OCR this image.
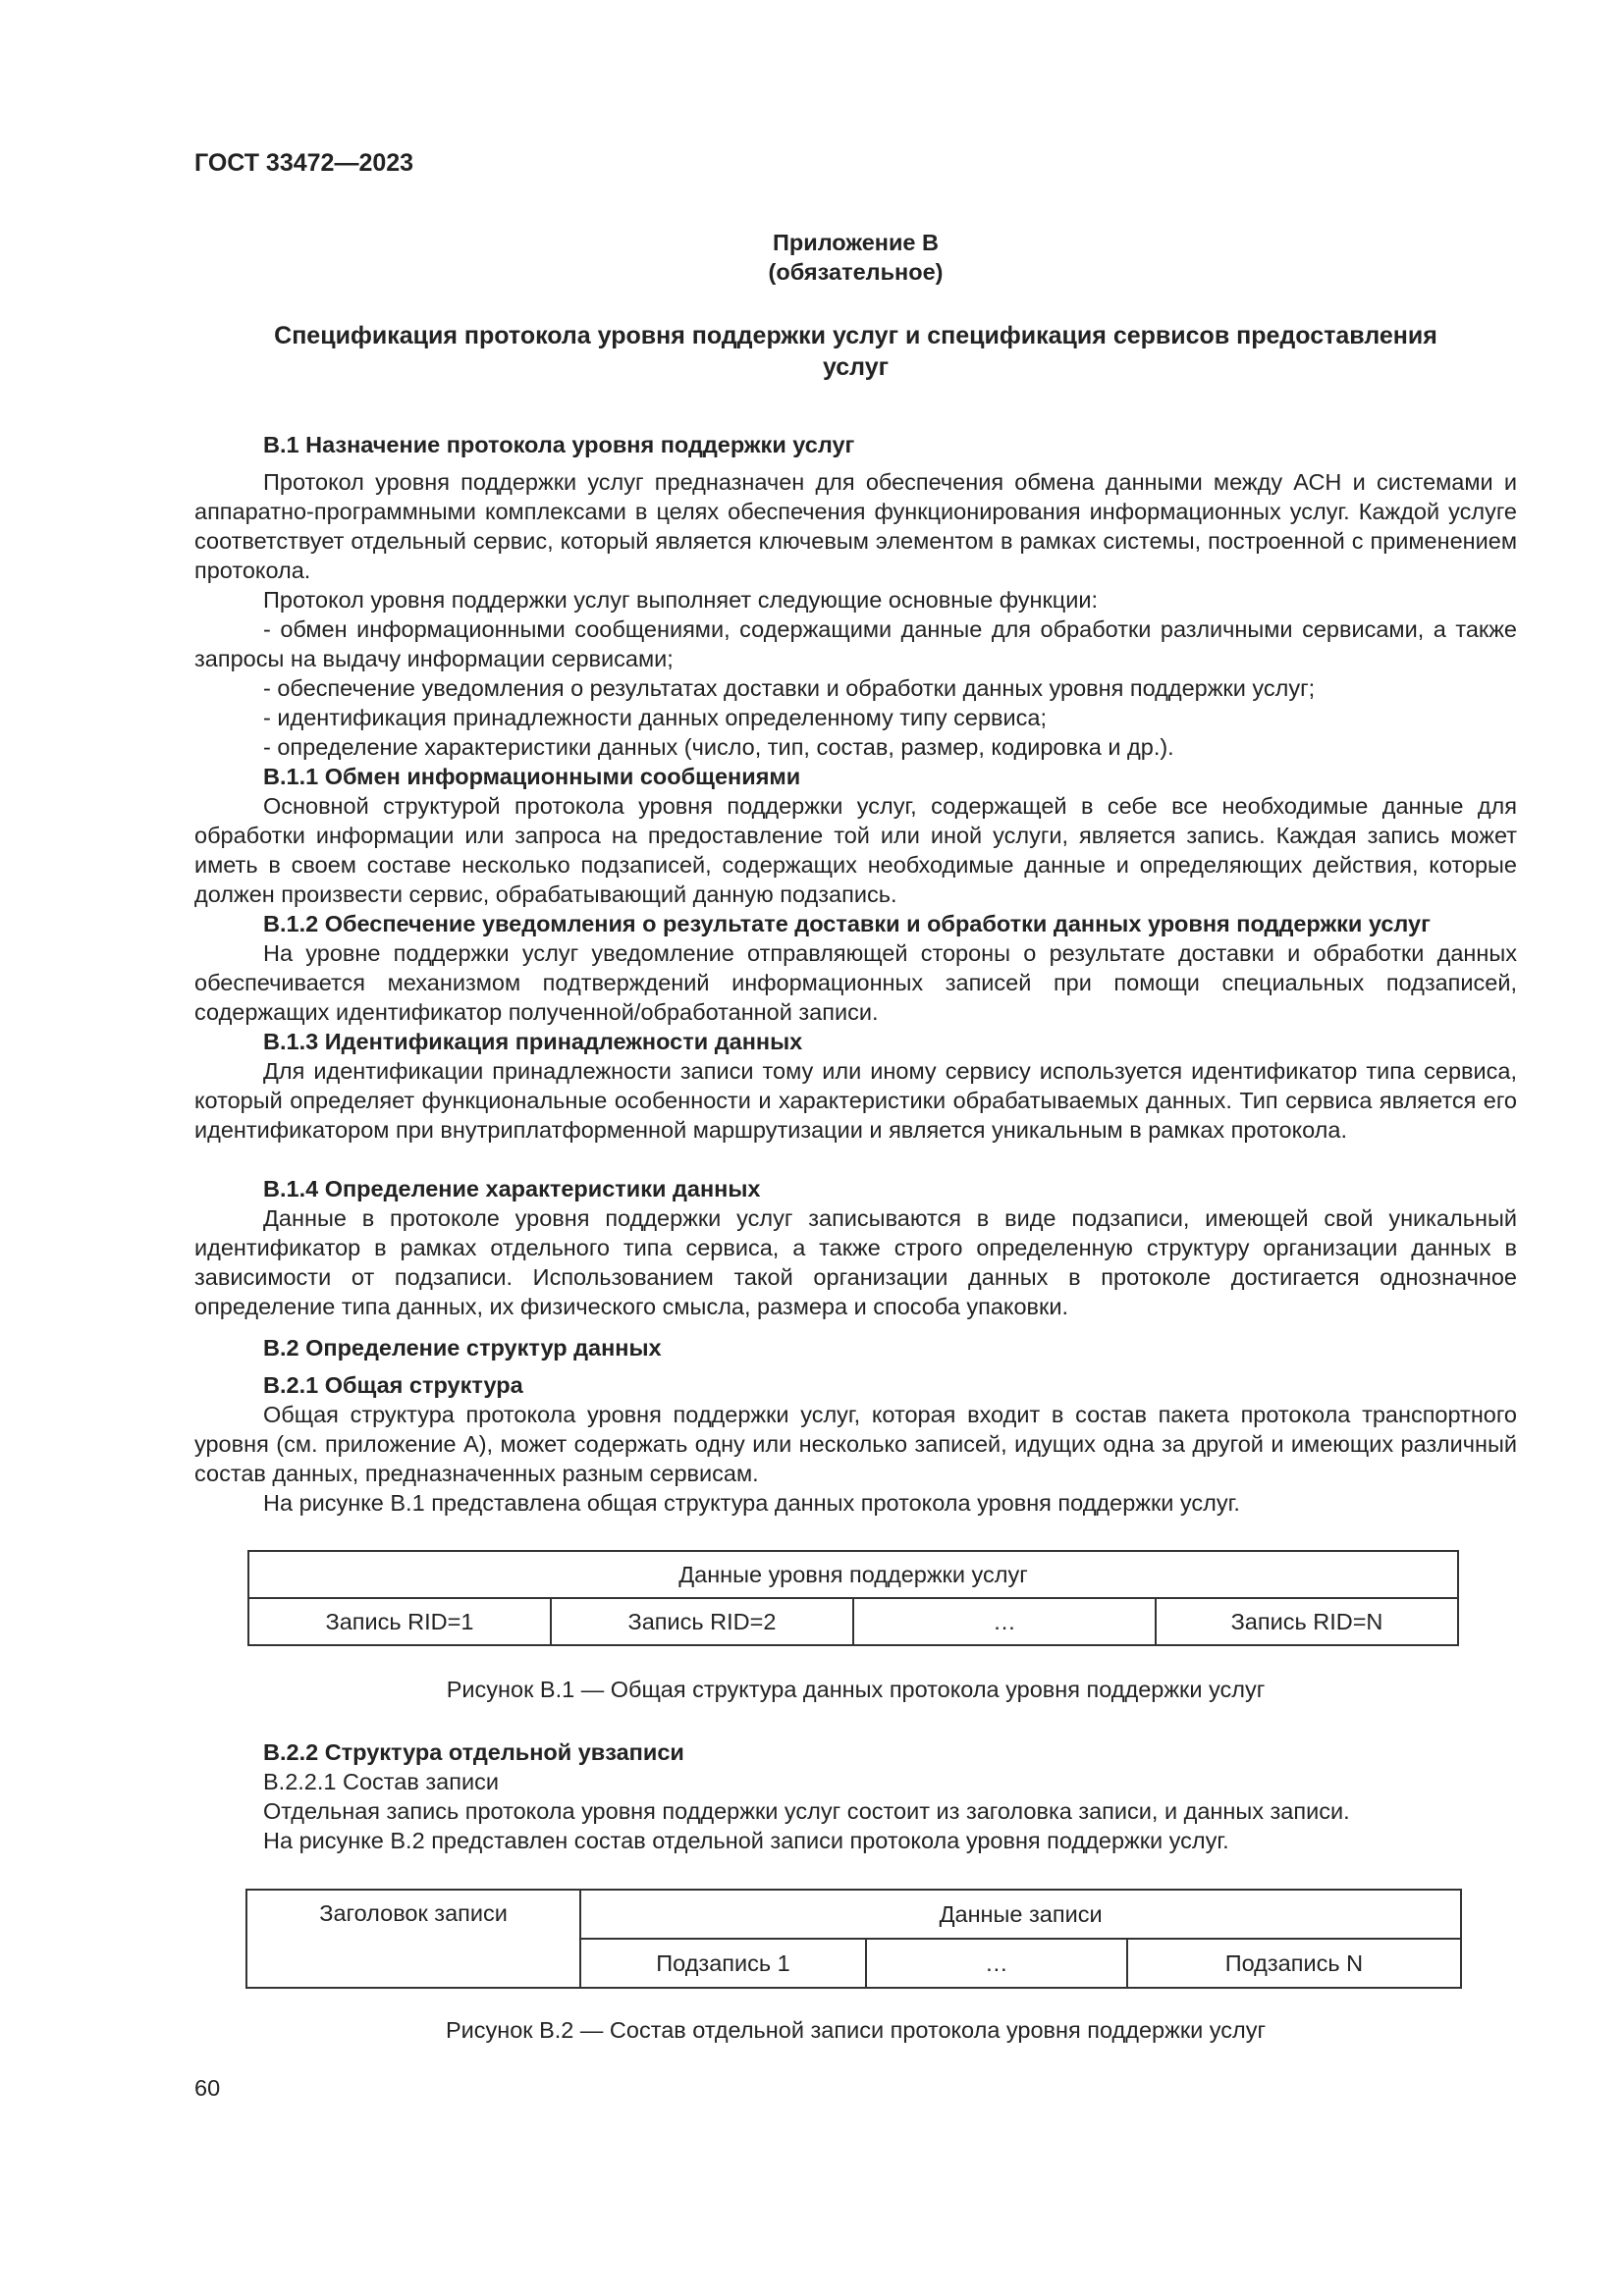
ГОСТ 33472—2023
Приложение В
(обязательное)
Спецификация протокола уровня поддержки услуг и спецификация сервисов предоставления
услуг
В.1 Назначение протокола уровня поддержки услуг

Протокол уровня поддержки услуг предназначен для обеспечения обмена данными между АСН и системами и аппаратно-программными комплексами в целях обеспечения функционирования информационных услуг. Каждой услуге соответствует отдельный сервис, который является ключевым элементом в рамках системы, построенной с применением протокола.

Протокол уровня поддержки услуг выполняет следующие основные функции:

- обмен информационными сообщениями, содержащими данные для обработки различными сервисами, а также запросы на выдачу информации сервисами;

- обеспечение уведомления о результатах доставки и обработки данных уровня поддержки услуг;

- идентификация принадлежности данных определенному типу сервиса;

- определение характеристики данных (число, тип, состав, размер, кодировка и др.).

В.1.1 Обмен информационными сообщениями

Основной структурой протокола уровня поддержки услуг, содержащей в себе все необходимые данные для обработки информации или запроса на предоставление той или иной услуги, является запись. Каждая запись может иметь в своем составе несколько подзаписей, содержащих необходимые данные и определяющих действия, которые должен произвести сервис, обрабатывающий данную подзапись.

В.1.2 Обеспечение уведомления о результате доставки и обработки данных уровня поддержки услуг

На уровне поддержки услуг уведомление отправляющей стороны о результате доставки и обработки данных обеспечивается механизмом подтверждений информационных записей при помощи специальных подзаписей, содержащих идентификатор полученной/обработанной записи.

В.1.3 Идентификация принадлежности данных

Для идентификации принадлежности записи тому или иному сервису используется идентификатор типа сервиса, который определяет функциональные особенности и характеристики обрабатываемых данных. Тип сервиса является его идентификатором при внутриплатформенной маршрутизации и является уникальным в рамках протокола.

В.1.4 Определение характеристики данных

Данные в протоколе уровня поддержки услуг записываются в виде подзаписи, имеющей свой уникальный идентификатор в рамках отдельного типа сервиса, а также строго определенную структуру организации данных в зависимости от подзаписи. Использованием такой организации данных в протоколе достигается однозначное определение типа данных, их физического смысла, размера и способа упаковки.

В.2 Определение структур данных
В.2.1 Общая структура

Общая структура протокола уровня поддержки услуг, которая входит в состав пакета протокола транспортного уровня (см. приложение А), может содержать одну или несколько записей, идущих одна за другой и имеющих различный состав данных, предназначенных разным сервисам.

На рисунке В.1 представлена общая структура данных протокола уровня поддержки услуг.

Данные уровня поддержки услуг
Запись RID=1	Запись RID=2	…	Запись RID=N
Рисунок В.1 — Общая структура данных протокола уровня поддержки услуг
В.2.2 Структура отдельной увзаписи
В.2.2.1 Состав записи

Отдельная запись протокола уровня поддержки услуг состоит из заголовка записи, и данных записи.

На рисунке В.2 представлен состав отдельной записи протокола уровня поддержки услуг.

Заголовок записи	Данные записи		
	Подзапись 1	…	Подзапись N
Рисунок В.2 — Состав отдельной записи протокола уровня поддержки услуг
60
